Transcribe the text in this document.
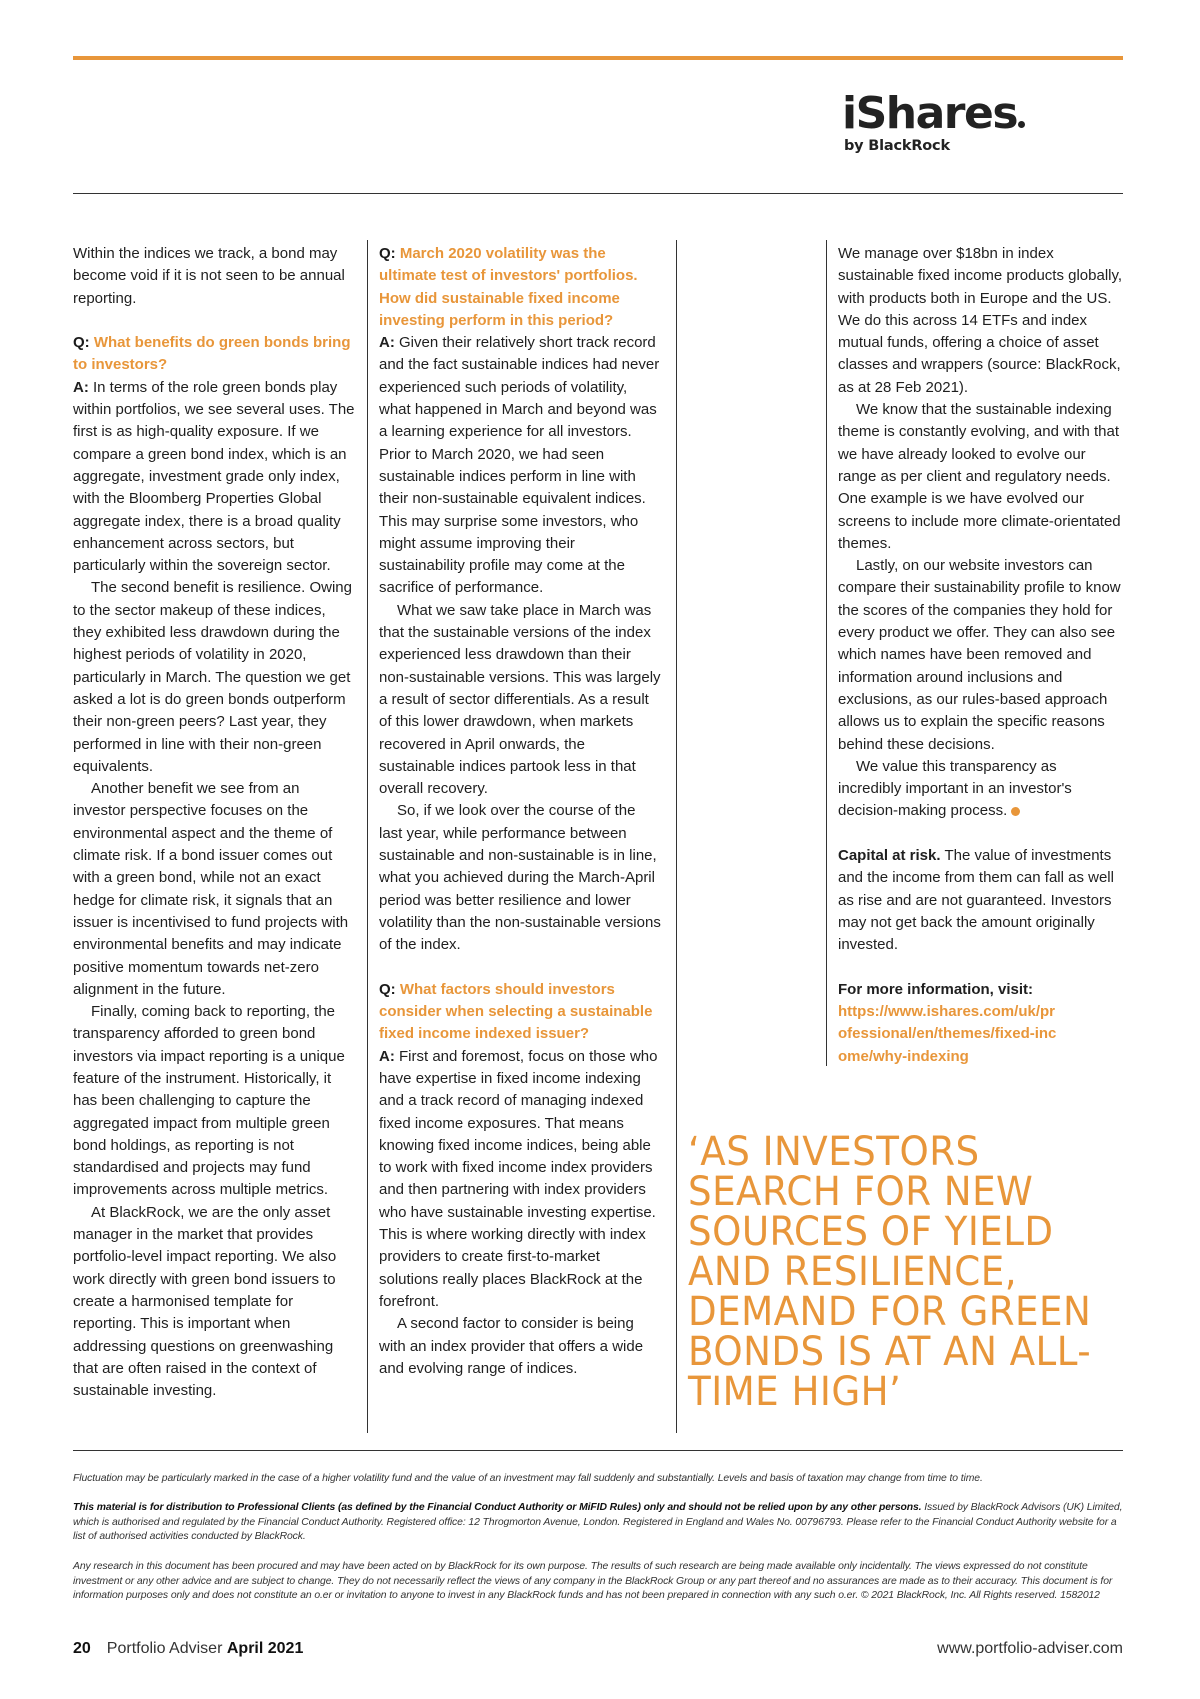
iShares
by BlackRock

Within the indices we track, a bond may become void if it is not seen to be annual reporting.

Q: What benefits do green bonds bring to investors?

A: In terms of the role green bonds play within portfolios, we see several uses. The first is as high-quality exposure. If we compare a green bond index, which is an aggregate, investment grade only index, with the Bloomberg Properties Global aggregate index, there is a broad quality enhancement across sectors, but particularly within the sovereign sector.

The second benefit is resilience. Owing to the sector makeup of these indices, they exhibited less drawdown during the highest periods of volatility in 2020, particularly in March. The question we get asked a lot is do green bonds outperform their non-green peers? Last year, they performed in line with their non-green equivalents.

Another benefit we see from an investor perspective focuses on the environmental aspect and the theme of climate risk. If a bond issuer comes out with a green bond, while not an exact hedge for climate risk, it signals that an issuer is incentivised to fund projects with environmental benefits and may indicate positive momentum towards net-zero alignment in the future.

Finally, coming back to reporting, the transparency afforded to green bond investors via impact reporting is a unique feature of the instrument. Historically, it has been challenging to capture the aggregated impact from multiple green bond holdings, as reporting is not standardised and projects may fund improvements across multiple metrics.

At BlackRock, we are the only asset manager in the market that provides portfolio-level impact reporting. We also work directly with green bond issuers to create a harmonised template for reporting. This is important when addressing questions on greenwashing that are often raised in the context of sustainable investing.

Q: March 2020 volatility was the ultimate test of investors' portfolios. How did sustainable fixed income investing perform in this period?

A: Given their relatively short track record and the fact sustainable indices had never experienced such periods of volatility, what happened in March and beyond was a learning experience for all investors. Prior to March 2020, we had seen sustainable indices perform in line with their non-sustainable equivalent indices. This may surprise some investors, who might assume improving their sustainability profile may come at the sacrifice of performance.

What we saw take place in March was that the sustainable versions of the index experienced less drawdown than their non-sustainable versions. This was largely a result of sector differentials. As a result of this lower drawdown, when markets recovered in April onwards, the sustainable indices partook less in that overall recovery.

So, if we look over the course of the last year, while performance between sustainable and non-sustainable is in line, what you achieved during the March-April period was better resilience and lower volatility than the non-sustainable versions of the index.

Q: What factors should investors consider when selecting a sustainable fixed income indexed issuer?

A: First and foremost, focus on those who have expertise in fixed income indexing and a track record of managing indexed fixed income exposures. That means knowing fixed income indices, being able to work with fixed income index providers and then partnering with index providers who have sustainable investing expertise. This is where working directly with index providers to create first-to-market solutions really places BlackRock at the forefront.

A second factor to consider is being with an index provider that offers a wide and evolving range of indices.

We manage over $18bn in index sustainable fixed income products globally, with products both in Europe and the US. We do this across 14 ETFs and index mutual funds, offering a choice of asset classes and wrappers (source: BlackRock, as at 28 Feb 2021).

We know that the sustainable indexing theme is constantly evolving, and with that we have already looked to evolve our range as per client and regulatory needs. One example is we have evolved our screens to include more climate-orientated themes.

Lastly, on our website investors can compare their sustainability profile to know the scores of the companies they hold for every product we offer. They can also see which names have been removed and information around inclusions and exclusions, as our rules-based approach allows us to explain the specific reasons behind these decisions.

We value this transparency as incredibly important in an investor's decision-making process.

Capital at risk. The value of investments and the income from them can fall as well as rise and are not guaranteed. Investors may not get back the amount originally invested.

For more information, visit:

https://www.ishares.com/uk/professional/en/themes/fixed-income/why-indexing

‘AS INVESTORS SEARCH FOR NEW SOURCES OF YIELD AND RESILIENCE, DEMAND FOR GREEN BONDS IS AT AN ALL-TIME HIGH’
Fluctuation may be particularly marked in the case of a higher volatility fund and the value of an investment may fall suddenly and substantially. Levels and basis of taxation may change from time to time.
This material is for distribution to Professional Clients (as defined by the Financial Conduct Authority or MiFID Rules) only and should not be relied upon by any other persons. Issued by BlackRock Advisors (UK) Limited, which is authorised and regulated by the Financial Conduct Authority. Registered office: 12 Throgmorton Avenue, London. Registered in England and Wales No. 00796793. Please refer to the Financial Conduct Authority website for a list of authorised activities conducted by BlackRock.
Any research in this document has been procured and may have been acted on by BlackRock for its own purpose. The results of such research are being made available only incidentally. The views expressed do not constitute investment or any other advice and are subject to change. They do not necessarily reflect the views of any company in the BlackRock Group or any part thereof and no assurances are made as to their accuracy. This document is for information purposes only and does not constitute an o.er or invitation to anyone to invest in any BlackRock funds and has not been prepared in connection with any such o.er. © 2021 BlackRock, Inc. All Rights reserved. 1582012
20 Portfolio Adviser April 2021	www.portfolio-adviser.com
